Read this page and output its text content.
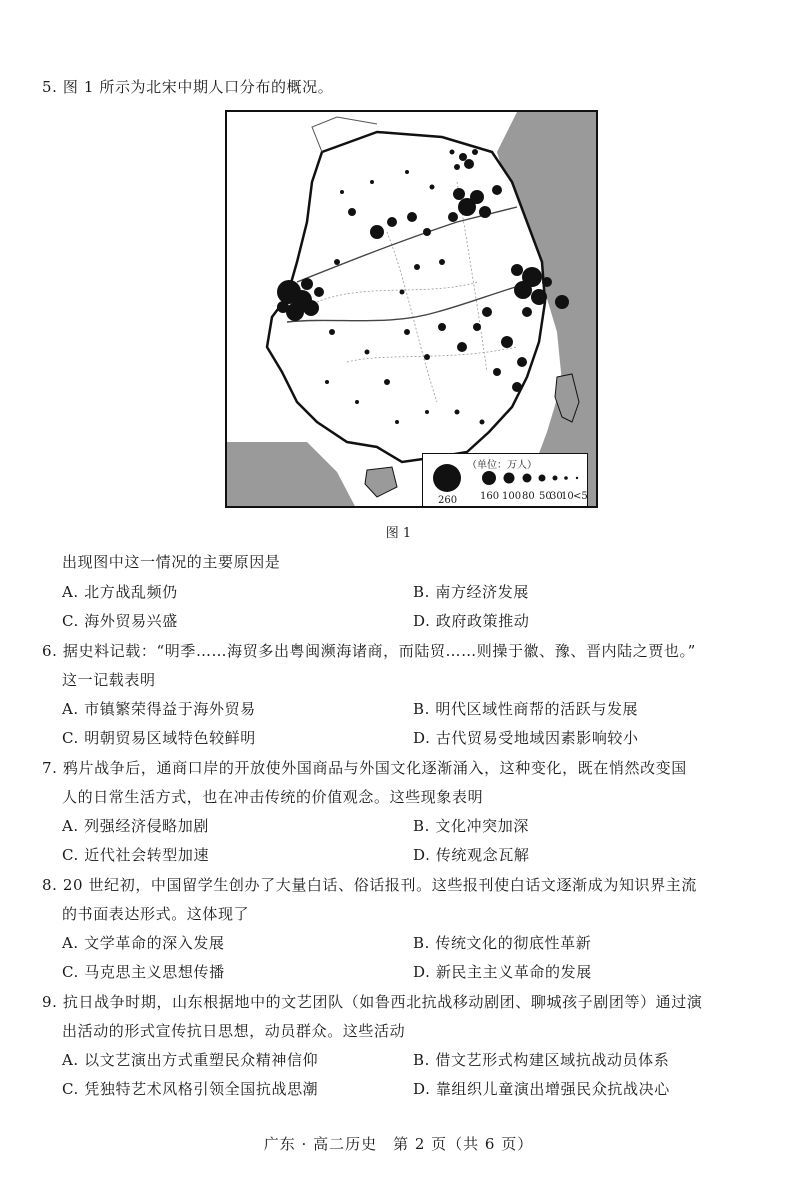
5. 图 1 所示为北宋中期人口分布的概况。
（单位：万人）
260 160 100 80 50
30
10 <5
图 1
出现图中这一情况的主要原因是
A. 北方战乱频仍	B. 南方经济发展
C. 海外贸易兴盛	D. 政府政策推动
6. 据史料记载：“明季……海贸多出粤闽濒海诸商，而陆贸……则操于徽、豫、晋内陆之贾也。”
这一记载表明
A. 市镇繁荣得益于海外贸易	B. 明代区域性商帮的活跃与发展
C. 明朝贸易区域特色较鲜明	D. 古代贸易受地域因素影响较小
7. 鸦片战争后，通商口岸的开放使外国商品与外国文化逐渐涌入，这种变化，既在悄然改变国
人的日常生活方式，也在冲击传统的价值观念。这些现象表明
A. 列强经济侵略加剧	B. 文化冲突加深
C. 近代社会转型加速	D. 传统观念瓦解
8. 20 世纪初，中国留学生创办了大量白话、俗话报刊。这些报刊使白话文逐渐成为知识界主流
的书面表达形式。这体现了
A. 文学革命的深入发展	B. 传统文化的彻底性革新
C. 马克思主义思想传播	D. 新民主主义革命的发展
9. 抗日战争时期，山东根据地中的文艺团队（如鲁西北抗战移动剧团、聊城孩子剧团等）通过演
出活动的形式宣传抗日思想，动员群众。这些活动
A. 以文艺演出方式重塑民众精神信仰	B. 借文艺形式构建区域抗战动员体系
C. 凭独特艺术风格引领全国抗战思潮	D. 靠组织儿童演出增强民众抗战决心
广东 · 高二历史　第 2 页（共 6 页）
